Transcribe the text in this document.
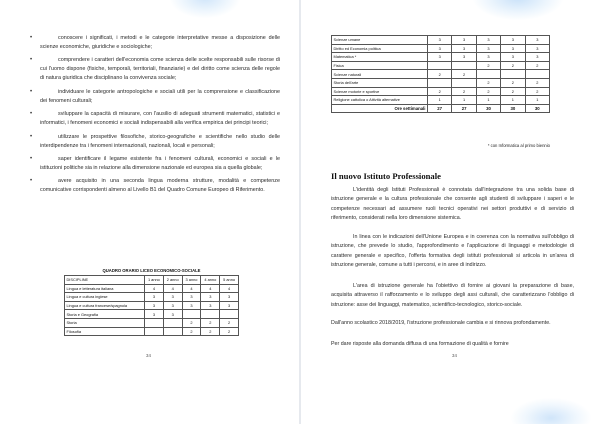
•	conoscere i significati, i metodi e le categorie interpretative messe a disposizione delle scienze economiche, giuridiche e sociologiche;
•	comprendere i caratteri dell'economia come scienza delle scelte responsabili sulle risorse di cui l'uomo dispone (fisiche, temporali, territoriali, finanziarie) e del diritto come scienza delle regole di natura giuridica che disciplinano la convivenza sociale;
•	individuare le categorie antropologiche e sociali utili per la comprensione e classificazione dei fenomeni culturali;
•	sviluppare la capacità di misurare, con l'ausilio di adeguati strumenti matematici, statistici e informatici, i fenomeni economici e sociali indispensabili alla verifica empirica dei principi teorici;
•	utilizzare le prospettive filosofiche, storico-geografiche e scientifiche nello studio delle interdipendenze tra i fenomeni internazionali, nazionali, locali e personali;
•	saper identificare il legame esistente fra i fenomeni culturali, economici e sociali e le istituzioni politiche sia in relazione alla dimensione nazionale ed europea sia a quella globale;
•	avere acquisito in una seconda lingua moderna strutture, modalità e competenze comunicative corrispondenti almeno al Livello B1 del Quadro Comune Europeo di Riferimento.
QUADRO ORARIO LICEO ECONOMICO-SOCIALE
DISCIPLINE	1 anno	2 anno	3 anno	4 anno	5 anno
Lingua e letteratura italiana	4	4	4	4	4
Lingua e cultura inglese	3	3	3	3	3
Lingua e cultura francese/spagnola	3	3	3	3	3
Storia e Geografia	3	3			
Storia			2	2	2
Filosofia			2	2	2
34
Scienze umane	3	3	3	3	3
Diritto ed Economia politica	3	3	3	3	3
Matematica *	3	3	3	3	3
Fisica			2	2	2
Scienze naturali	2	2			
Storia dell'arte			2	2	2
Scienze motorie e sportive	2	2	2	2	2
Religione cattolica o Attività alternative	1	1	1	1	1
Ore settimanali	27	27	30	30	30
* con Informatica al primo biennio
Il nuovo Istituto Professionale

L'identità degli Istituti Professionali è connotata dall'integrazione tra una solida base di istruzione generale e la cultura professionale che consente agli studenti di sviluppare i saperi e le competenze necessari ad assumere ruoli tecnici operativi nei settori produttivi e di servizio di riferimento, considerati nella loro dimensione sistemica.

In linea con le indicazioni dell'Unione Europea e in coerenza con la normativa sull'obbligo di istruzione, che prevede lo studio, l'approfondimento e l'applicazione di linguaggi e metodologie di carattere generale e specifico, l'offerta formativa degli istituti professionali si articola in un'area di istruzione generale, comune a tutti i percorsi, e in aree di indirizzo.

L'area di istruzione generale ha l'obiettivo di fornire ai giovani la preparazione di base, acquisita attraverso il rafforzamento e lo sviluppo degli assi culturali, che caratterizzano l'obbligo di istruzione: asse dei linguaggi, matematico, scientifico-tecnologico, storico-sociale.

Dall'anno scolastico 2018/2019, l'istruzione professionale cambia e si rinnova profondamente.

Per dare risposte alla domanda diffusa di una formazione di qualità e fornire

34
